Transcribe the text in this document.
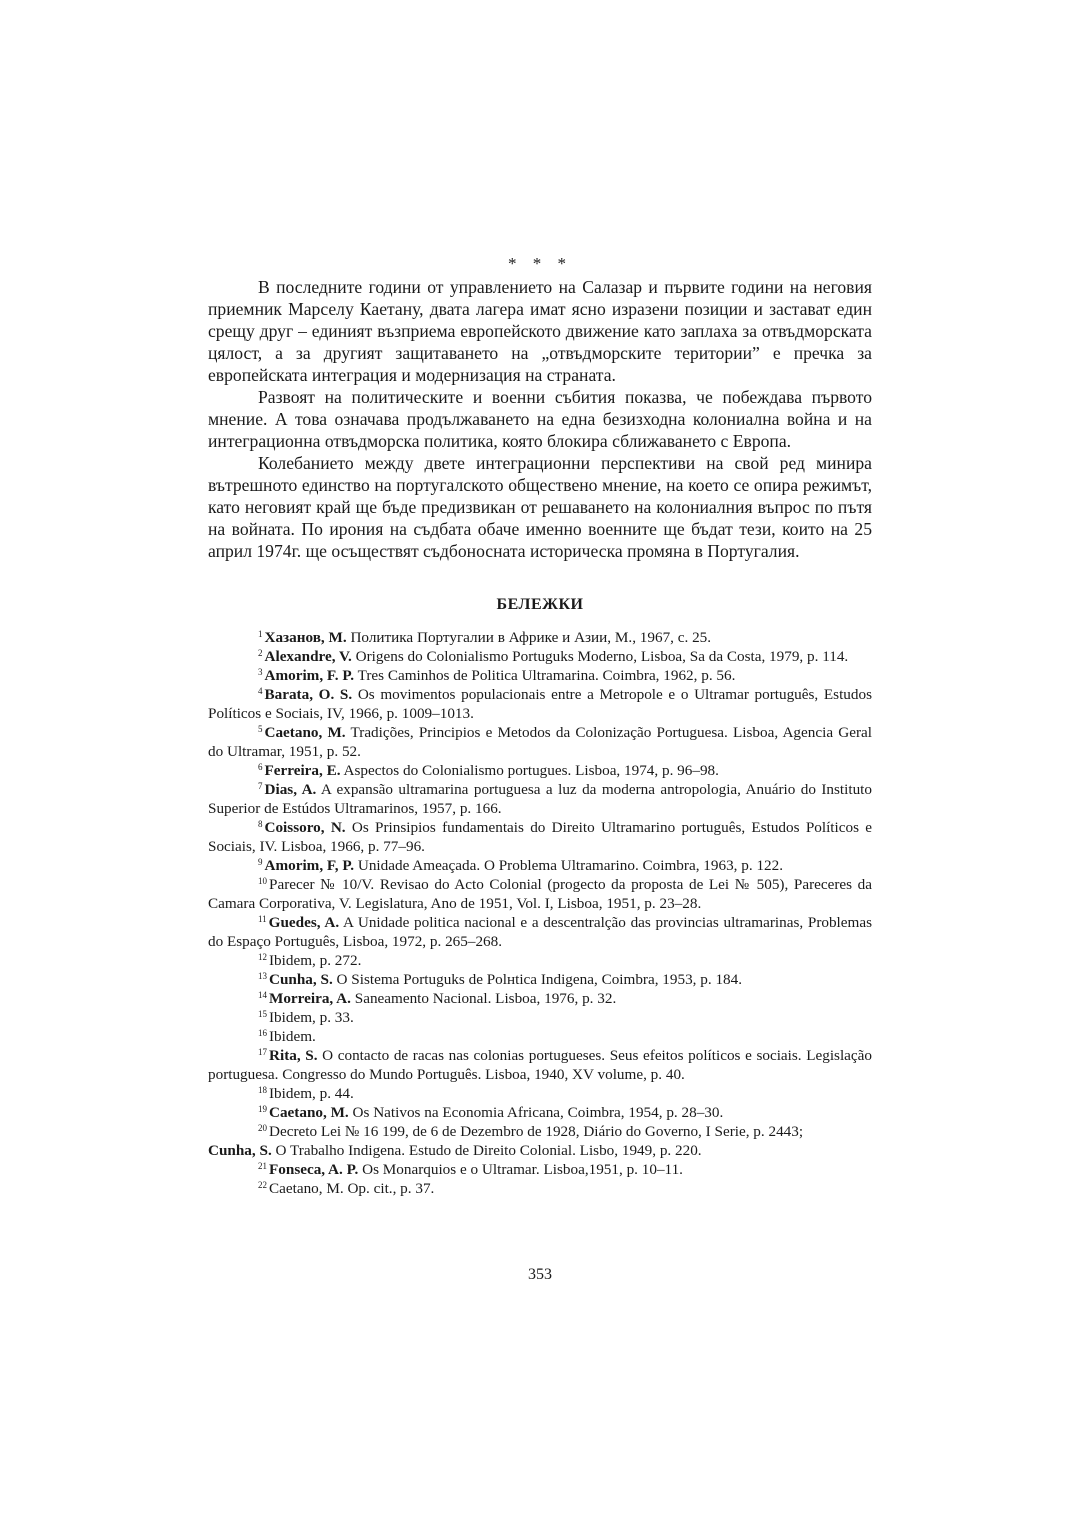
* * *

В последните години от управлението на Салазар и първите години на неговия приемник Марселу Каетану, двата лагера имат ясно изразени позиции и застават един срещу друг – единият възприема европейското движение като заплаха за отвъдморската цялост, а за другият защитаването на „отвъдморските територии” е пречка за европейската интеграция и модернизация на страната.

Развоят на политическите и военни събития показва, че побеждава първото мнение. А това означава продължаването на една безизходна колониална война и на интеграционна отвъдморска политика, която блокира сближаването с Европа.

Колебанието между двете интеграционни перспективи на свой ред минира вътрешното единство на португалското обществено мнение, на което се опира режимът, като неговият край ще бъде предизвикан от решаването на колониалния въпрос по пътя на войната. По ирония на съдбата обаче именно военните ще бъдат тези, които на 25 април 1974г. ще осъществят съдбоносната историческа промяна в Португалия.

БЕЛЕЖКИ

$^1$ Хазанов, М. Политика Португалии в Африке и Азии, М., 1967, с. 25.

$^2$ Alexandre, V. Origens do Colonialismo Portuguks Moderno, Lisboa, Sa da Costa, 1979, p. 114.

$^3$ Amorim, F. P. Tres Caminhos de Politica Ultramarina. Coimbra, 1962, p. 56.

$^4$ Barata, O. S. Os movimentos populacionais entre a Metropole e o Ultramar português, Estudos Políticos e Sociais, IV, 1966, p. 1009–1013.

$^5$ Caetano, M. Tradições, Principios e Metodos da Colonização Portuguesa. Lisboa, Agencia Geral do Ultramar, 1951, p. 52.

$^6$ Ferreira, E. Aspectos do Colonialismo portugues. Lisboa, 1974, p. 96–98.

$^7$ Dias, A. A expansão ultramarina portuguesa a luz da moderna antropologia, Anuário do Instituto Superior de Estúdos Ultramarinos, 1957, p. 166.

$^8$ Coissoro, N. Os Prinsipios fundamentais do Direito Ultramarino português, Estudos Políticos e Sociais, IV. Lisboa, 1966, p. 77–96.

$^9$ Amorim, F, P. Unidade Ameaçada. O Problema Ultramarino. Coimbra, 1963, p. 122.

$^{10}$ Parecer № 10/V. Revisao do Acto Colonial (progecto da proposta de Lei № 505), Pareceres da Camara Corporativa, V. Legislatura, Ano de 1951, Vol. I, Lisboa, 1951, p. 23–28.

$^{11}$ Guedes, A. A Unidade politica nacional e a descentralção das provincias ultramarinas, Problemas do Espaço Português, Lisboa, 1972, p. 265–268.

$^{12}$ Ibidem, p. 272.

$^{13}$ Cunha, S. O Sistema Portuguks de Polнtica Indigena, Coimbra, 1953, p. 184.

$^{14}$ Morreira, A. Saneamento Nacional. Lisboa, 1976, p. 32.

$^{15}$ Ibidem, p. 33.

$^{16}$ Ibidem.

$^{17}$ Rita, S. O contacto de racas nas colonias portugueses. Seus efeitos políticos e sociais. Legislação portuguesa. Congresso do Mundo Português. Lisboa, 1940, XV volume, p. 40.

$^{18}$ Ibidem, p. 44.

$^{19}$ Caetano, M. Os Nativos na Economia Africana, Coimbra, 1954, p. 28–30.

$^{20}$ Decreto Lei № 16 199, de 6 de Dezembro de 1928, Diário do Governo, I Serie, p. 2443;
Cunha, S. O Trabalho Indigena. Estudo de Direito Colonial. Lisbo, 1949, p. 220.

$^{21}$ Fonseca, A. P. Os Monarquios e o Ultramar. Lisboa,1951, p. 10–11.

$^{22}$ Caetano, M. Op. cit., p. 37.

353
